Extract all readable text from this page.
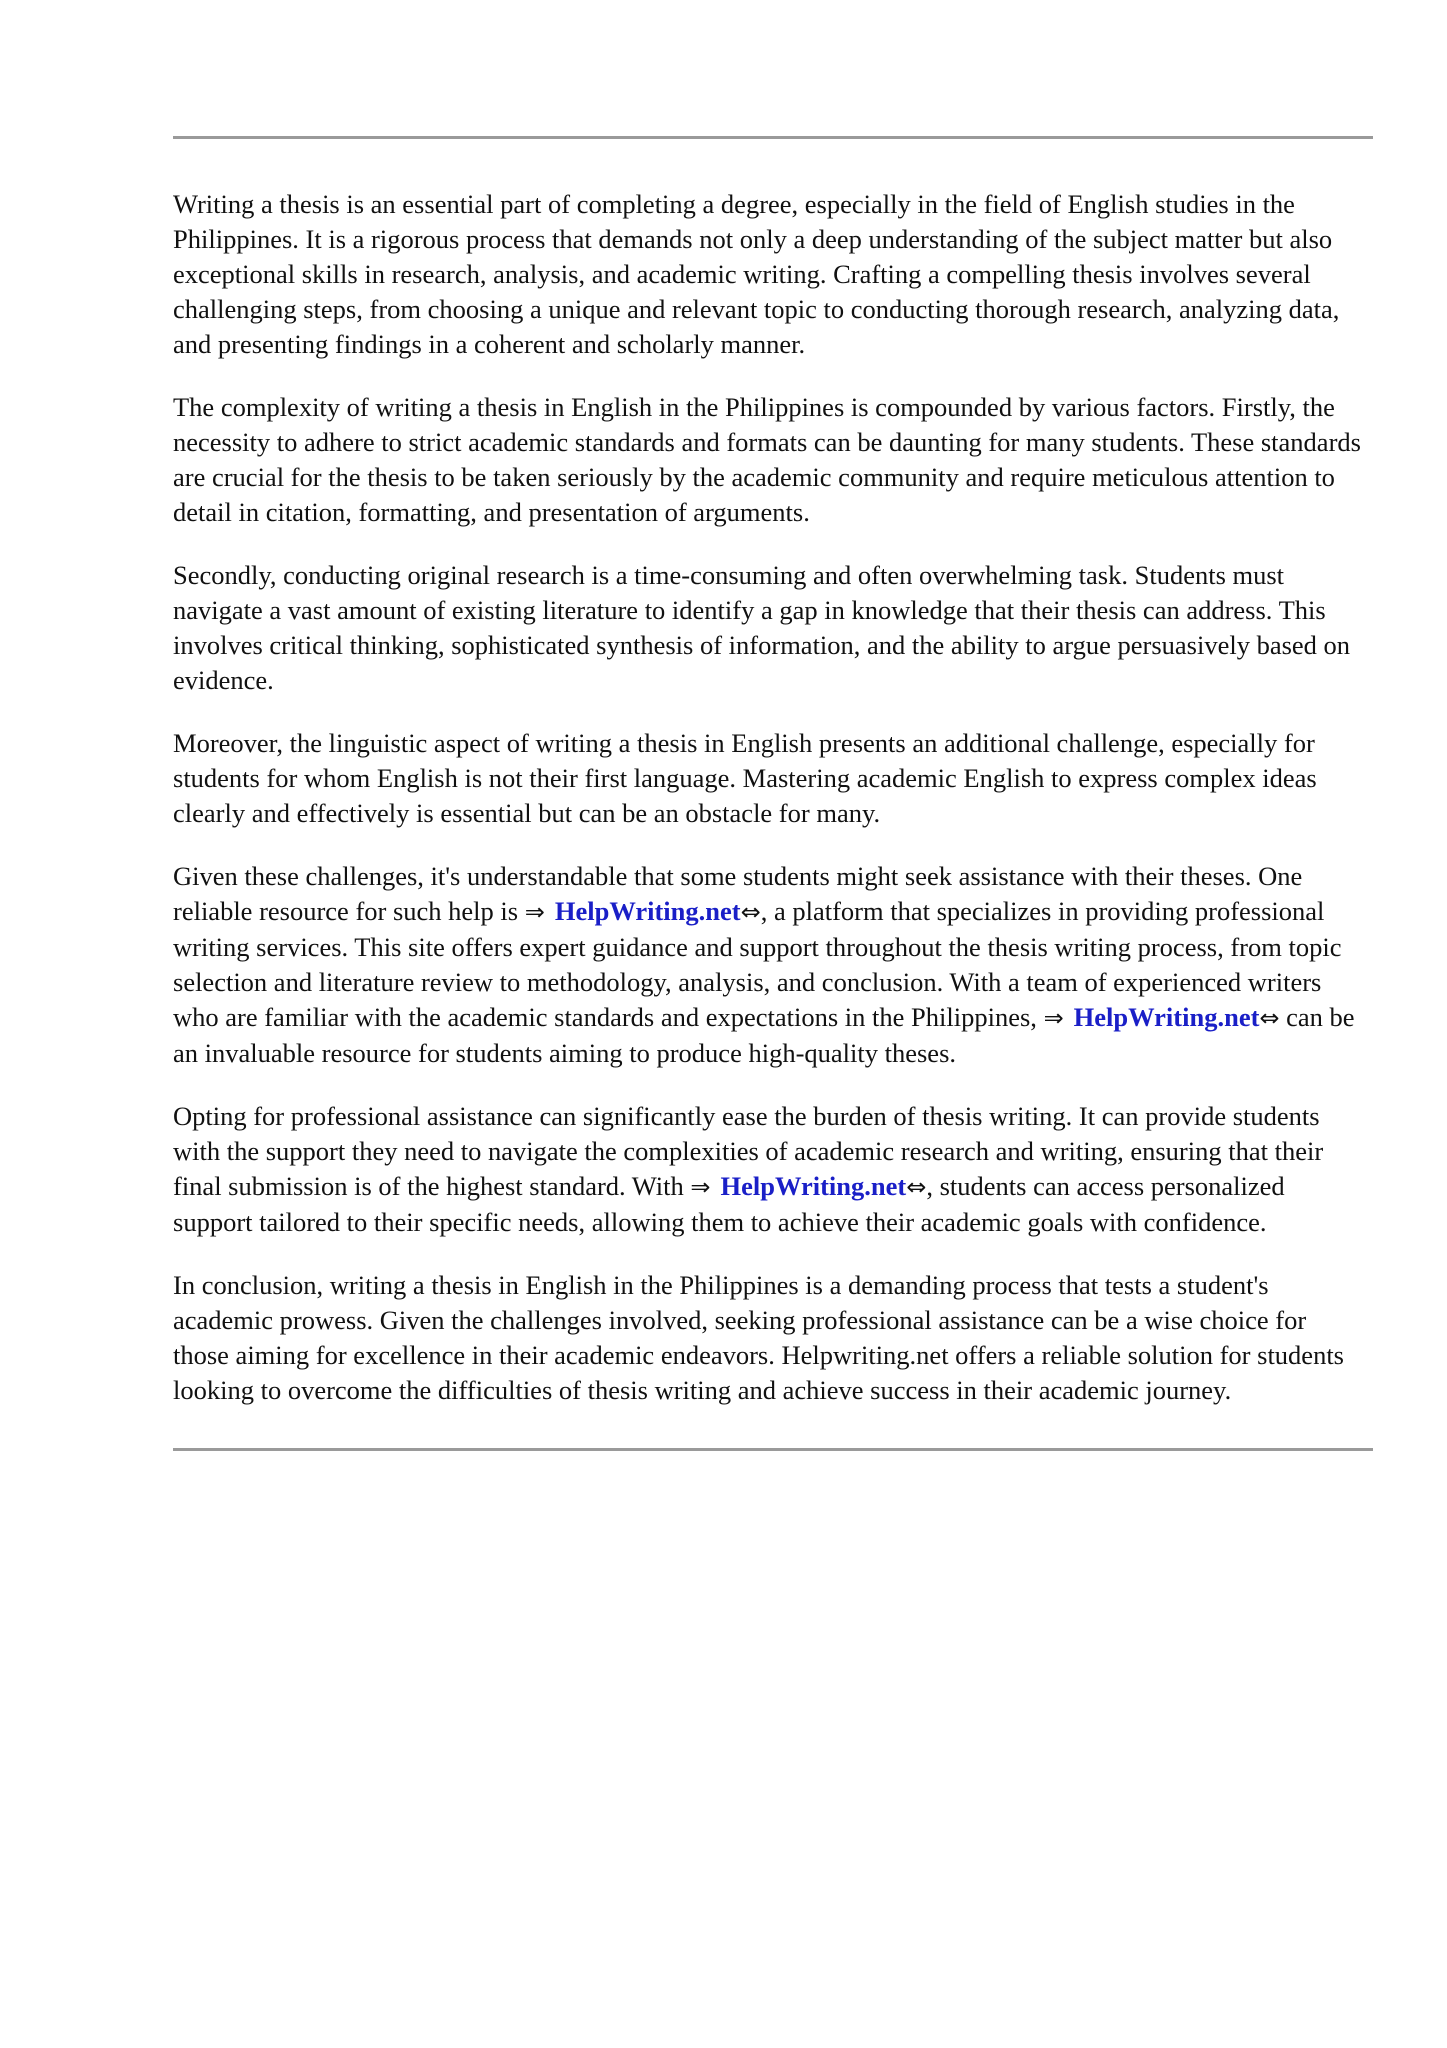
Writing a thesis is an essential part of completing a degree, especially in the field of English studies in the Philippines. It is a rigorous process that demands not only a deep understanding of the subject matter but also exceptional skills in research, analysis, and academic writing. Crafting a compelling thesis involves several challenging steps, from choosing a unique and relevant topic to conducting thorough research, analyzing data, and presenting findings in a coherent and scholarly manner.

The complexity of writing a thesis in English in the Philippines is compounded by various factors. Firstly, the necessity to adhere to strict academic standards and formats can be daunting for many students. These standards are crucial for the thesis to be taken seriously by the academic community and require meticulous attention to detail in citation, formatting, and presentation of arguments.

Secondly, conducting original research is a time-consuming and often overwhelming task. Students must navigate a vast amount of existing literature to identify a gap in knowledge that their thesis can address. This involves critical thinking, sophisticated synthesis of information, and the ability to argue persuasively based on evidence.

Moreover, the linguistic aspect of writing a thesis in English presents an additional challenge, especially for students for whom English is not their first language. Mastering academic English to express complex ideas clearly and effectively is essential but can be an obstacle for many.

Given these challenges, it's understandable that some students might seek assistance with their theses. One reliable resource for such help is ⇒ HelpWriting.net⇔, a platform that specializes in providing professional writing services. This site offers expert guidance and support throughout the thesis writing process, from topic selection and literature review to methodology, analysis, and conclusion. With a team of experienced writers who are familiar with the academic standards and expectations in the Philippines, ⇒ HelpWriting.net⇔ can be an invaluable resource for students aiming to produce high-quality theses.

Opting for professional assistance can significantly ease the burden of thesis writing. It can provide students with the support they need to navigate the complexities of academic research and writing, ensuring that their final submission is of the highest standard. With ⇒ HelpWriting.net⇔, students can access personalized support tailored to their specific needs, allowing them to achieve their academic goals with confidence.

In conclusion, writing a thesis in English in the Philippines is a demanding process that tests a student's academic prowess. Given the challenges involved, seeking professional assistance can be a wise choice for those aiming for excellence in their academic endeavors. Helpwriting.net offers a reliable solution for students looking to overcome the difficulties of thesis writing and achieve success in their academic journey.
